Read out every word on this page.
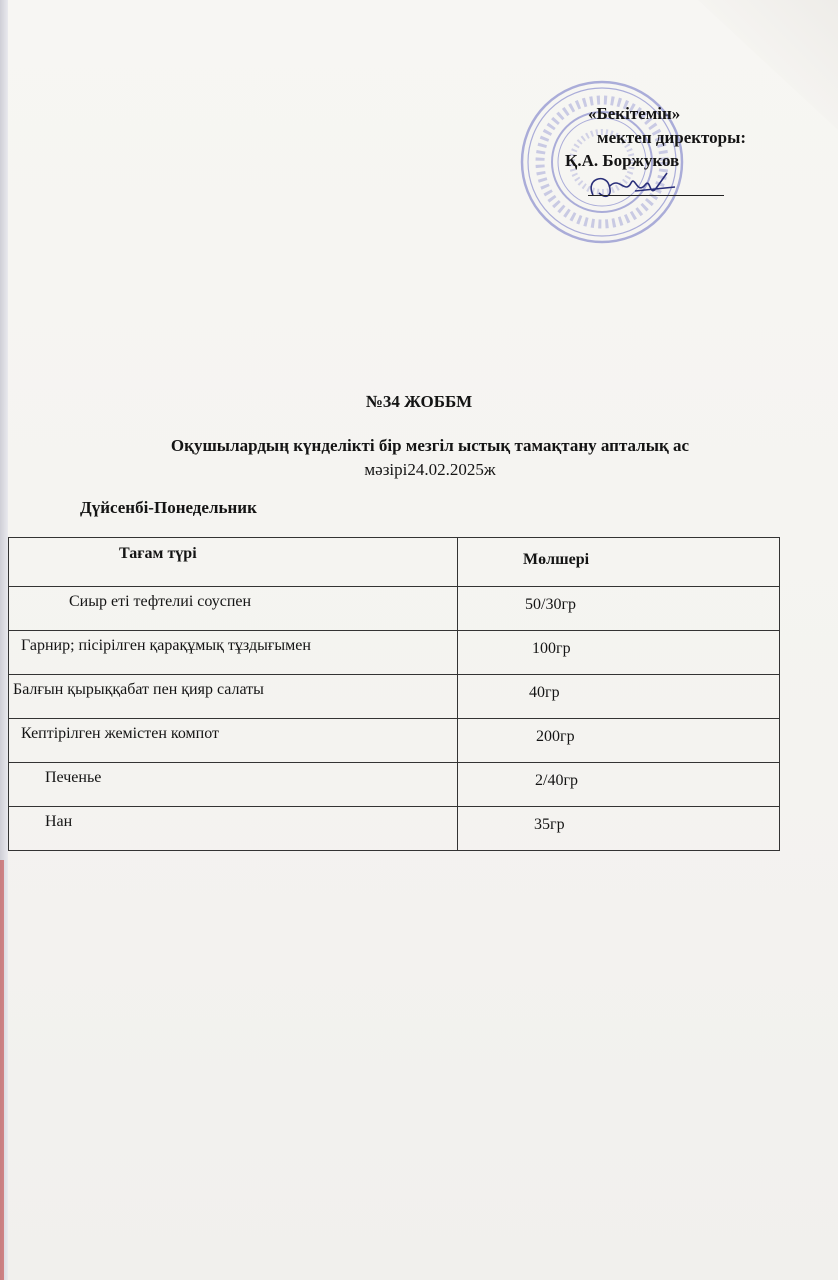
«Бекітемін»
мектеп директоры:
Қ.А. Боржуков
№34 ЖОББМ
Оқушылардың күнделікті бір мезгіл ыстық тамақтану апталық ас
мәзірі24.02.2025ж
Дүйсенбі-Понедельник
Тағам түрі	Мөлшері

Сиыр еті тефтелиі соуспен	50/30гр

Гарнир; пісірілген қарақұмық тұздығымен	100гр

Балғын қырыққабат пен қияр салаты	40гр

Кептірілген жемістен компот	200гр

Печенье	2/40гр

Нан	35гр
